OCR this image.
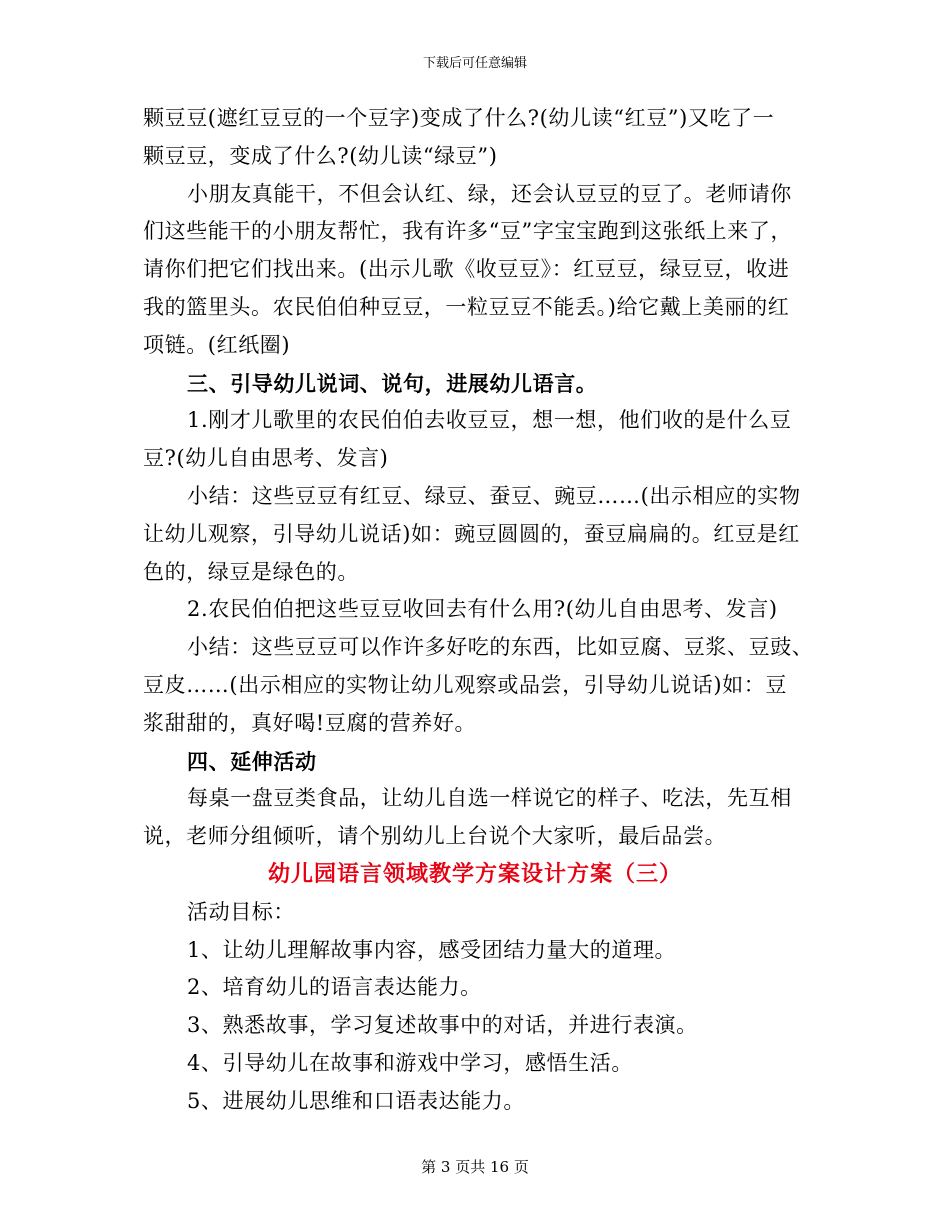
下载后可任意编辑
颗豆豆(遮红豆豆的一个豆字)变成了什么?(幼儿读“红豆”)又吃了一
颗豆豆，变成了什么?(幼儿读“绿豆”)
小朋友真能干，不但会认红、绿，还会认豆豆的豆了。老师请你
们这些能干的小朋友帮忙，我有许多“豆”字宝宝跑到这张纸上来了，
请你们把它们找出来。(出示儿歌《收豆豆》：红豆豆，绿豆豆，收进
我的篮里头。农民伯伯种豆豆，一粒豆豆不能丢。)给它戴上美丽的红
项链。(红纸圈)
三、引导幼儿说词、说句，进展幼儿语言。
1.刚才儿歌里的农民伯伯去收豆豆，想一想，他们收的是什么豆
豆?(幼儿自由思考、发言)
小结：这些豆豆有红豆、绿豆、蚕豆、豌豆……(出示相应的实物
让幼儿观察，引导幼儿说话)如：豌豆圆圆的，蚕豆扁扁的。红豆是红
色的，绿豆是绿色的。
2.农民伯伯把这些豆豆收回去有什么用?(幼儿自由思考、发言)
小结：这些豆豆可以作许多好吃的东西，比如豆腐、豆浆、豆豉、
豆皮……(出示相应的实物让幼儿观察或品尝，引导幼儿说话)如：豆
浆甜甜的，真好喝!豆腐的营养好。
四、延伸活动
每桌一盘豆类食品，让幼儿自选一样说它的样子、吃法，先互相
说，老师分组倾听，请个别幼儿上台说个大家听，最后品尝。
幼儿园语言领域教学方案设计方案（三）
活动目标：
1、让幼儿理解故事内容，感受团结力量大的道理。
2、培育幼儿的语言表达能力。
3、熟悉故事，学习复述故事中的对话，并进行表演。
4、引导幼儿在故事和游戏中学习，感悟生活。
5、进展幼儿思维和口语表达能力。
第 3 页共 16 页
